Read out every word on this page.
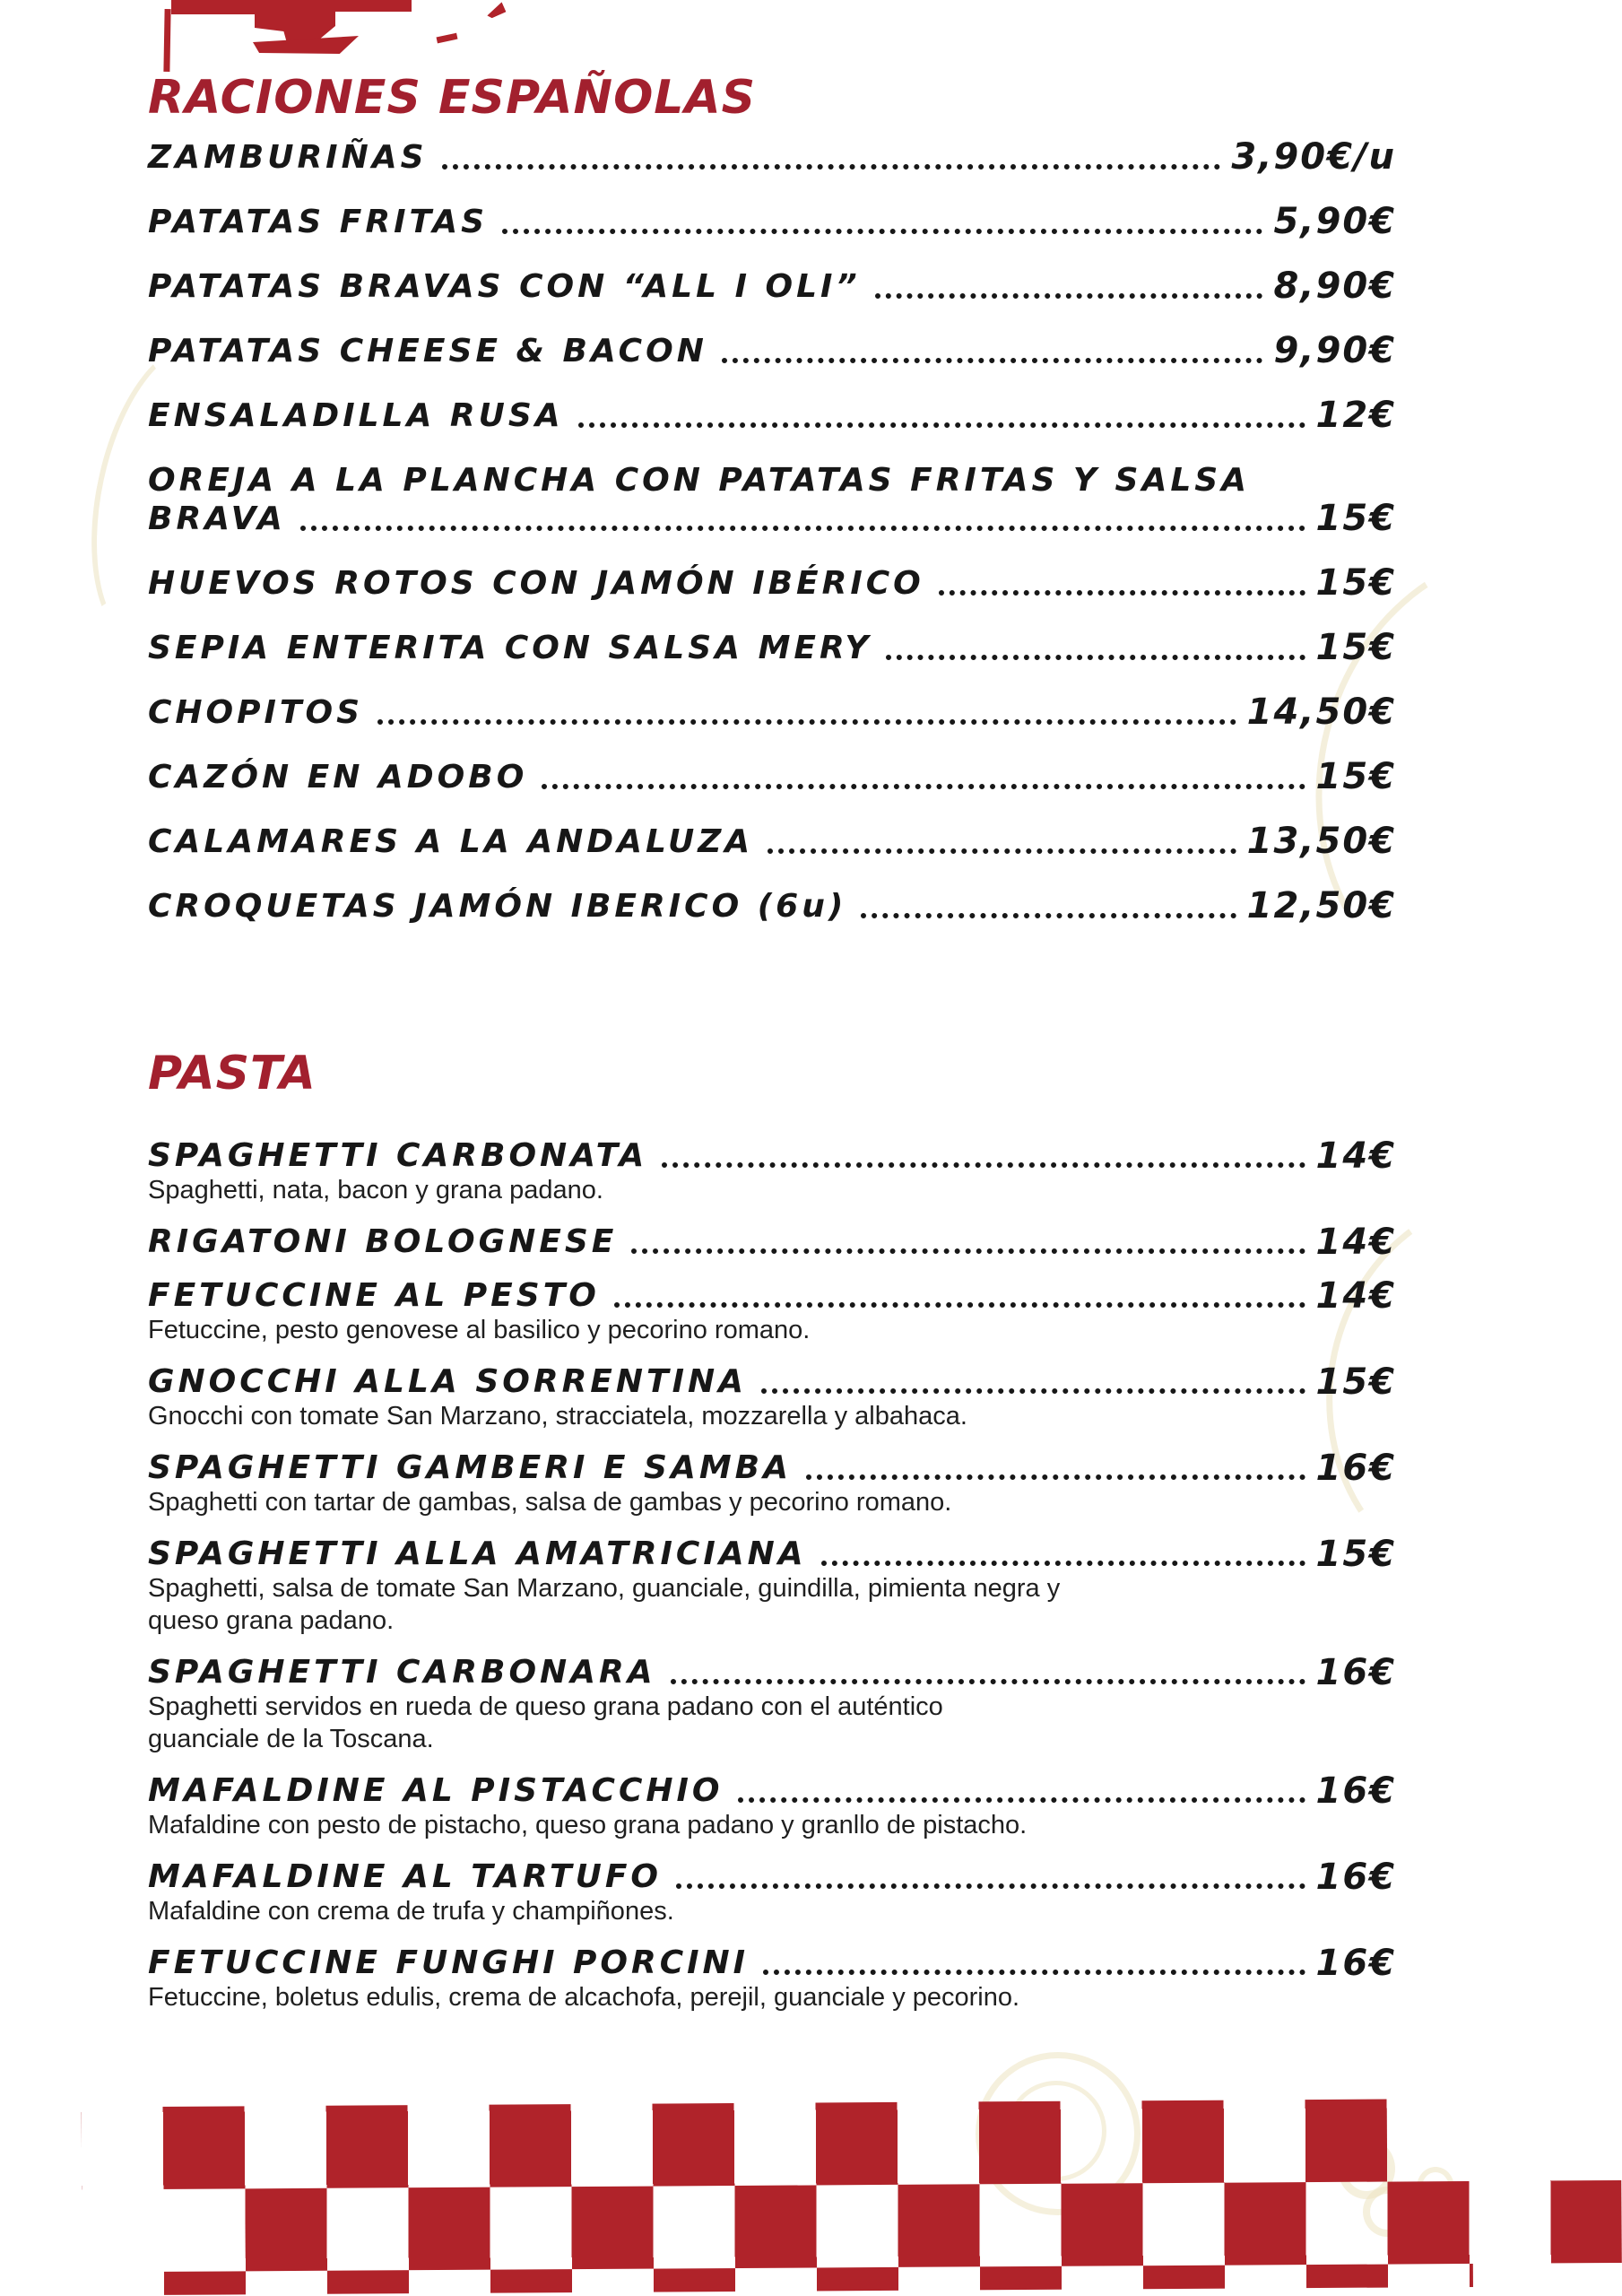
RACIONES ESPAÑOLAS
ZAMBURIÑAS	3,90€/u
PATATAS FRITAS	5,90€
PATATAS BRAVAS CON “ALL I OLI”	8,90€
PATATAS CHEESE & BACON	9,90€
ENSALADILLA RUSA	12€
OREJA A LA PLANCHA CON PATATAS FRITAS Y SALSA
BRAVA	15€
HUEVOS ROTOS CON JAMÓN IBÉRICO	15€
SEPIA ENTERITA CON SALSA MERY	15€
CHOPITOS	14,50€
CAZÓN EN ADOBO	15€
CALAMARES A LA ANDALUZA	13,50€
CROQUETAS JAMÓN IBERICO (6u)	12,50€
PASTA
SPAGHETTI CARBONATA	14€
Spaghetti, nata, bacon y grana padano.
RIGATONI BOLOGNESE	14€
FETUCCINE AL PESTO	14€
Fetuccine, pesto genovese al basilico y pecorino romano.
GNOCCHI ALLA SORRENTINA	15€
Gnocchi con tomate San Marzano, stracciatela, mozzarella y albahaca.
SPAGHETTI GAMBERI E SAMBA	16€
Spaghetti con tartar de gambas, salsa de gambas y pecorino romano.
SPAGHETTI ALLA AMATRICIANA	15€
Spaghetti, salsa de tomate San Marzano, guanciale, guindilla, pimienta negra y
queso grana padano.
SPAGHETTI CARBONARA	16€
Spaghetti servidos en rueda de queso grana padano con el auténtico
guanciale de la Toscana.
MAFALDINE AL PISTACCHIO	16€
Mafaldine con pesto de pistacho, queso grana padano y granllo de pistacho.
MAFALDINE AL TARTUFO	16€
Mafaldine con crema de trufa y champiñones.
FETUCCINE FUNGHI PORCINI	16€
Fetuccine, boletus edulis, crema de alcachofa, perejil, guanciale y pecorino.
